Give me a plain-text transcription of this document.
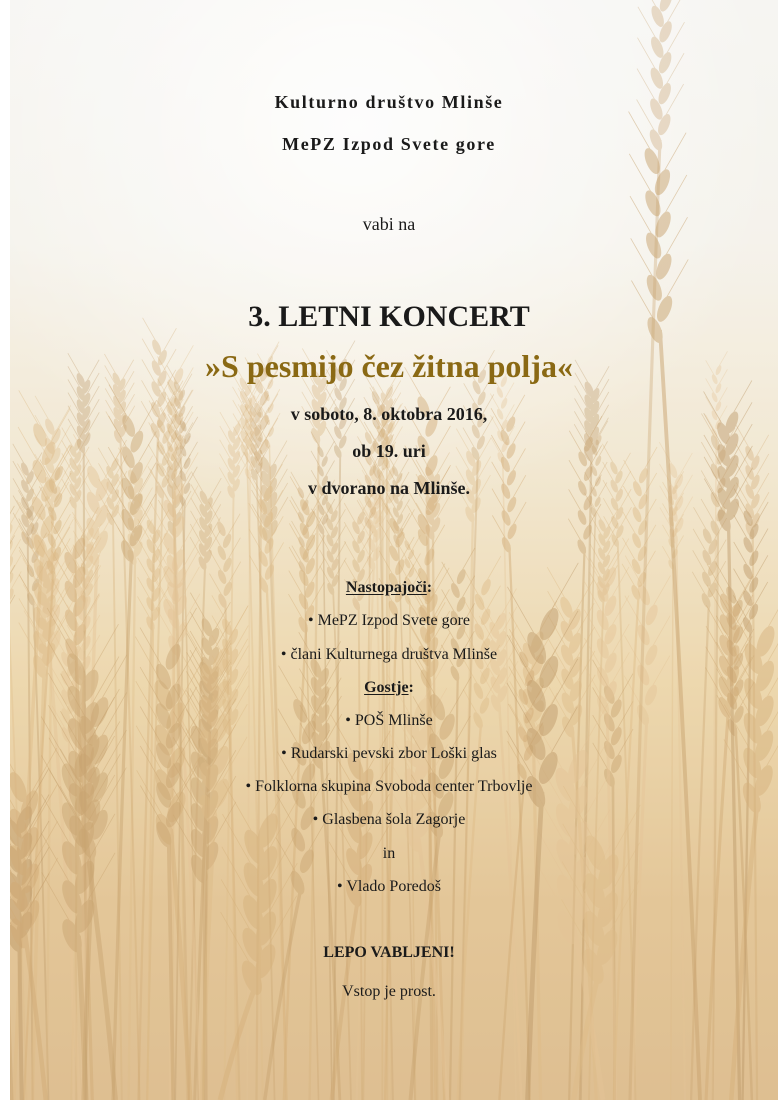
Kulturno društvo Mlinše
MePZ Izpod Svete gore
vabi na
3. LETNI KONCERT
»S pesmijo čez žitna polja«
v soboto, 8. oktobra 2016,
ob 19. uri
v dvorano na Mlinše.
Nastopajoči:
• MePZ Izpod Svete gore
• člani Kulturnega društva Mlinše
Gostje:
• POŠ Mlinše
• Rudarski pevski zbor Loški glas
• Folklorna skupina Svoboda center Trbovlje
• Glasbena šola Zagorje
in
• Vlado Poredoš
LEPO VABLJENI!
Vstop je prost.
